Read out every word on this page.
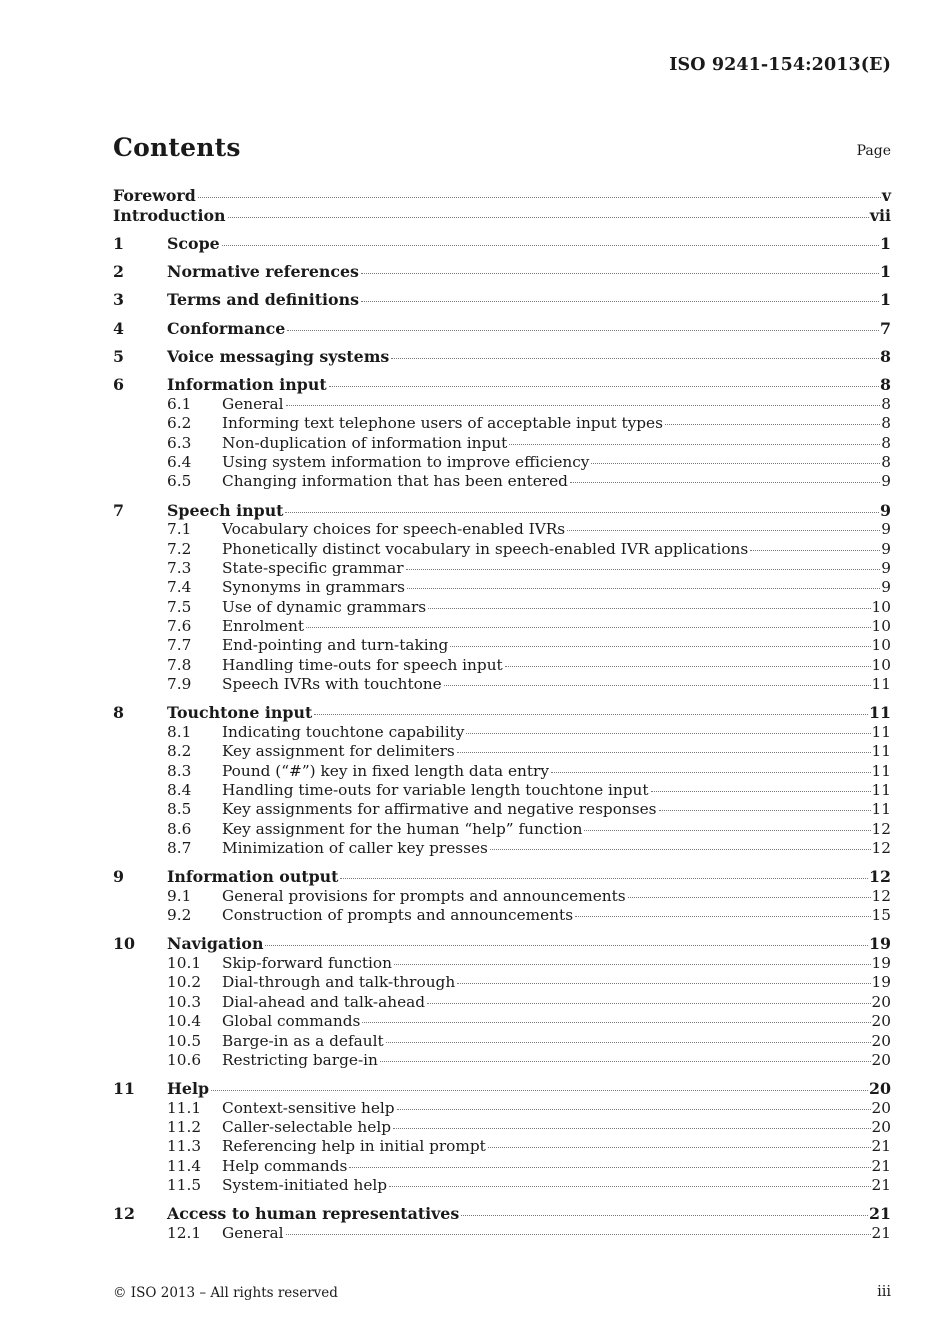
ISO 9241-154:2013(E)
Contents	Page
Foreword	v
Introduction	vii
1	Scope	1
2	Normative references	1
3	Terms and definitions	1
4	Conformance	7
5	Voice messaging systems	8
6	Information input	8
6.1	General	8
6.2	Informing text telephone users of acceptable input types	8
6.3	Non-duplication of information input	8
6.4	Using system information to improve efficiency	8
6.5	Changing information that has been entered	9
7	Speech input	9
7.1	Vocabulary choices for speech-enabled IVRs	9
7.2	Phonetically distinct vocabulary in speech-enabled IVR applications	9
7.3	State-specific grammar	9
7.4	Synonyms in grammars	9
7.5	Use of dynamic grammars	10
7.6	Enrolment	10
7.7	End-pointing and turn-taking	10
7.8	Handling time-outs for speech input	10
7.9	Speech IVRs with touchtone	11
8	Touchtone input	11
8.1	Indicating touchtone capability	11
8.2	Key assignment for delimiters	11
8.3	Pound (“#”) key in fixed length data entry	11
8.4	Handling time-outs for variable length touchtone input	11
8.5	Key assignments for affirmative and negative responses	11
8.6	Key assignment for the human “help” function	12
8.7	Minimization of caller key presses	12
9	Information output	12
9.1	General provisions for prompts and announcements	12
9.2	Construction of prompts and announcements	15
10	Navigation	19
10.1	Skip-forward function	19
10.2	Dial-through and talk-through	19
10.3	Dial-ahead and talk-ahead	20
10.4	Global commands	20
10.5	Barge-in as a default	20
10.6	Restricting barge-in	20
11	Help	20
11.1	Context-sensitive help	20
11.2	Caller-selectable help	20
11.3	Referencing help in initial prompt	21
11.4	Help commands	21
11.5	System-initiated help	21
12	Access to human representatives	21
12.1	General	21
© ISO 2013 – All rights reserved	iii
